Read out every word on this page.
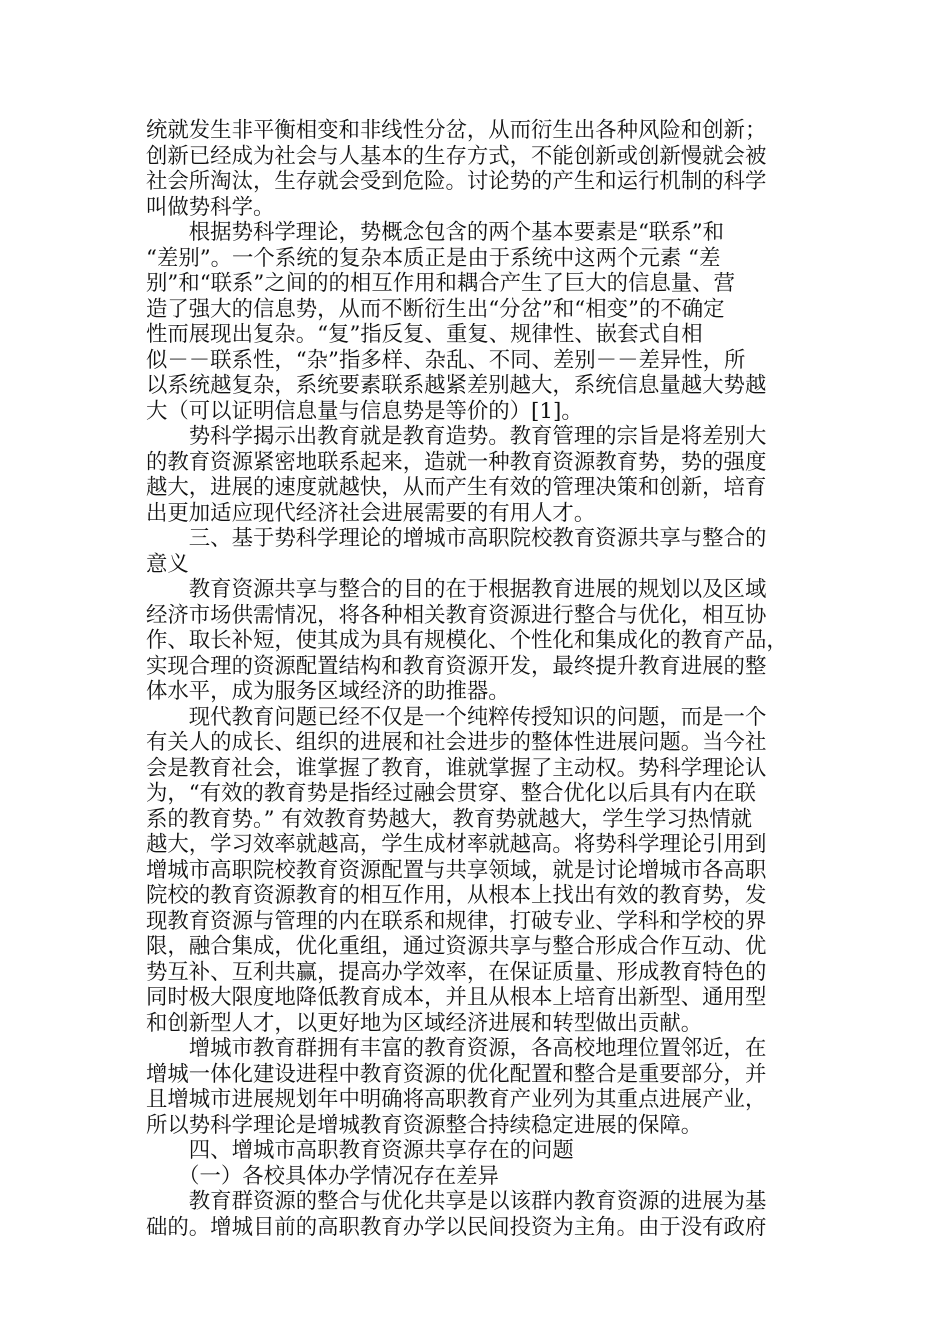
统就发生非平衡相变和非线性分岔，从而衍生出各种风险和创新；
创新已经成为社会与人基本的生存方式，不能创新或创新慢就会被
社会所淘汰，生存就会受到危险。讨论势的产生和运行机制的科学
叫做势科学。
　　根据势科学理论，势概念包含的两个基本要素是“联系”和
“差别”。一个系统的复杂本质正是由于系统中这两个元素 “差
别”和“联系”之间的的相互作用和耦合产生了巨大的信息量、营
造了强大的信息势，从而不断衍生出“分岔”和“相变”的不确定
性而展现出复杂。“复”指反复、重复、规律性、嵌套式自相
似－－联系性，“杂”指多样、杂乱、不同、差别－－差异性，所
以系统越复杂，系统要素联系越紧差别越大，系统信息量越大势越
大（可以证明信息量与信息势是等价的）[1]。
　　势科学揭示出教育就是教育造势。教育管理的宗旨是将差别大
的教育资源紧密地联系起来，造就一种教育资源教育势，势的强度
越大，进展的速度就越快，从而产生有效的管理决策和创新，培育
出更加适应现代经济社会进展需要的有用人才。
　　三、基于势科学理论的增城市高职院校教育资源共享与整合的
意义
　　教育资源共享与整合的目的在于根据教育进展的规划以及区域
经济市场供需情况，将各种相关教育资源进行整合与优化，相互协
作、取长补短，使其成为具有规模化、个性化和集成化的教育产品，
实现合理的资源配置结构和教育资源开发，最终提升教育进展的整
体水平，成为服务区域经济的助推器。
　　现代教育问题已经不仅是一个纯粹传授知识的问题，而是一个
有关人的成长、组织的进展和社会进步的整体性进展问题。当今社
会是教育社会，谁掌握了教育，谁就掌握了主动权。势科学理论认
为，“有效的教育势是指经过融会贯穿、整合优化以后具有内在联
系的教育势。” 有效教育势越大，教育势就越大，学生学习热情就
越大，学习效率就越高，学生成材率就越高。将势科学理论引用到
增城市高职院校教育资源配置与共享领域，就是讨论增城市各高职
院校的教育资源教育的相互作用，从根本上找出有效的教育势，发
现教育资源与管理的内在联系和规律，打破专业、学科和学校的界
限，融合集成，优化重组，通过资源共享与整合形成合作互动、优
势互补、互利共赢，提高办学效率，在保证质量、形成教育特色的
同时极大限度地降低教育成本，并且从根本上培育出新型、通用型
和创新型人才，以更好地为区域经济进展和转型做出贡献。
　　增城市教育群拥有丰富的教育资源，各高校地理位置邻近，在
增城一体化建设进程中教育资源的优化配置和整合是重要部分，并
且增城市进展规划年中明确将高职教育产业列为其重点进展产业，
所以势科学理论是增城教育资源整合持续稳定进展的保障。
　　四、增城市高职教育资源共享存在的问题
　　（一）各校具体办学情况存在差异
　　教育群资源的整合与优化共享是以该群内教育资源的进展为基
础的。增城目前的高职教育办学以民间投资为主角。由于没有政府
